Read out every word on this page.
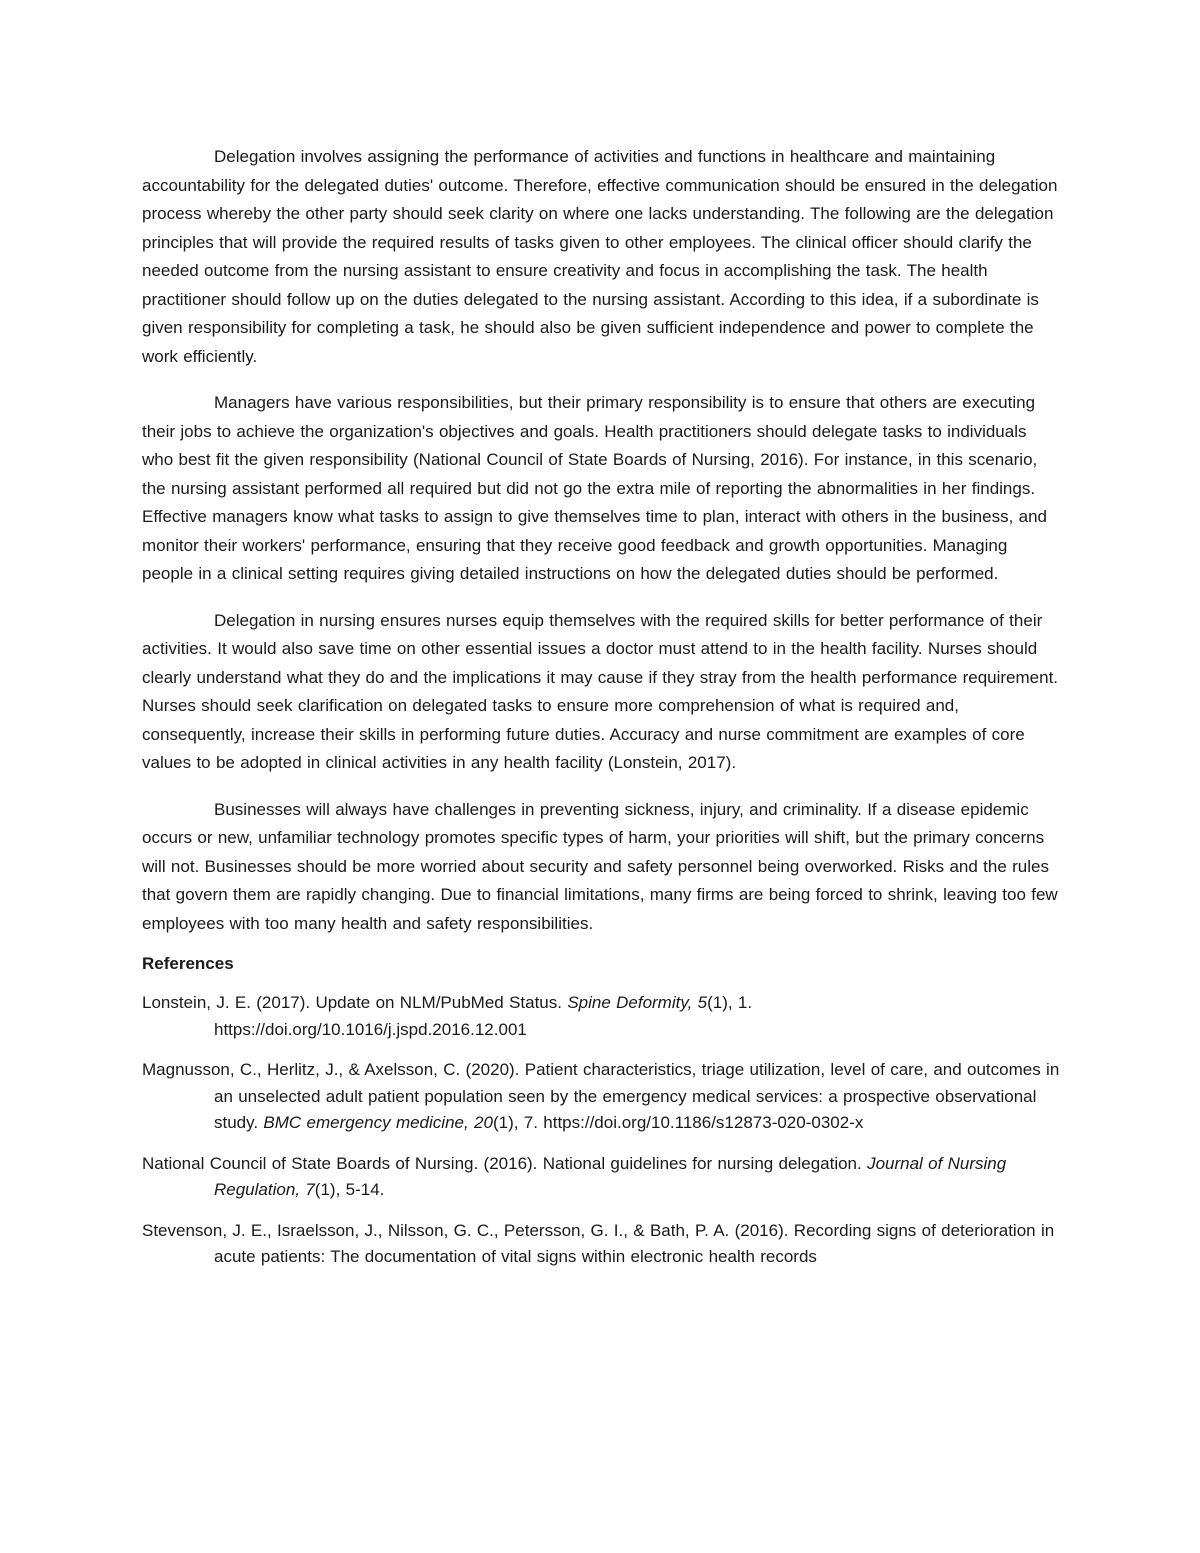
Delegation involves assigning the performance of activities and functions in healthcare and maintaining accountability for the delegated duties' outcome. Therefore, effective communication should be ensured in the delegation process whereby the other party should seek clarity on where one lacks understanding. The following are the delegation principles that will provide the required results of tasks given to other employees. The clinical officer should clarify the needed outcome from the nursing assistant to ensure creativity and focus in accomplishing the task. The health practitioner should follow up on the duties delegated to the nursing assistant. According to this idea, if a subordinate is given responsibility for completing a task, he should also be given sufficient independence and power to complete the work efficiently.

Managers have various responsibilities, but their primary responsibility is to ensure that others are executing their jobs to achieve the organization's objectives and goals. Health practitioners should delegate tasks to individuals who best fit the given responsibility (National Council of State Boards of Nursing, 2016). For instance, in this scenario, the nursing assistant performed all required but did not go the extra mile of reporting the abnormalities in her findings. Effective managers know what tasks to assign to give themselves time to plan, interact with others in the business, and monitor their workers' performance, ensuring that they receive good feedback and growth opportunities. Managing people in a clinical setting requires giving detailed instructions on how the delegated duties should be performed.

Delegation in nursing ensures nurses equip themselves with the required skills for better performance of their activities. It would also save time on other essential issues a doctor must attend to in the health facility. Nurses should clearly understand what they do and the implications it may cause if they stray from the health performance requirement. Nurses should seek clarification on delegated tasks to ensure more comprehension of what is required and, consequently, increase their skills in performing future duties. Accuracy and nurse commitment are examples of core values to be adopted in clinical activities in any health facility (Lonstein, 2017).

Businesses will always have challenges in preventing sickness, injury, and criminality. If a disease epidemic occurs or new, unfamiliar technology promotes specific types of harm, your priorities will shift, but the primary concerns will not. Businesses should be more worried about security and safety personnel being overworked. Risks and the rules that govern them are rapidly changing. Due to financial limitations, many firms are being forced to shrink, leaving too few employees with too many health and safety responsibilities.

References

Lonstein, J. E. (2017). Update on NLM/PubMed Status. Spine Deformity, 5(1), 1. https://doi.org/10.1016/j.jspd.2016.12.001

Magnusson, C., Herlitz, J., & Axelsson, C. (2020). Patient characteristics, triage utilization, level of care, and outcomes in an unselected adult patient population seen by the emergency medical services: a prospective observational study. BMC emergency medicine, 20(1), 7. https://doi.org/10.1186/s12873-020-0302-x

National Council of State Boards of Nursing. (2016). National guidelines for nursing delegation. Journal of Nursing Regulation, 7(1), 5-14.

Stevenson, J. E., Israelsson, J., Nilsson, G. C., Petersson, G. I., & Bath, P. A. (2016). Recording signs of deterioration in acute patients: The documentation of vital signs within electronic health records
